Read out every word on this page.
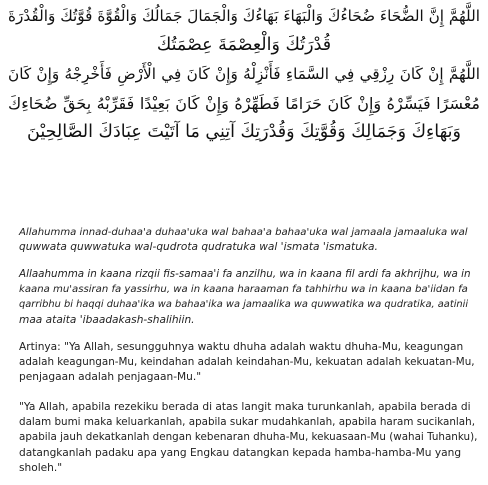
اللَّهُمَّ إِنَّ الضُّحَاءَ ضُحَاءُكَ وَالْبَهَاءَ بَهَاءُكَ وَالْجَمَالَ جَمَالُكَ وَالْقُوَّةَ قُوَّتُكَ وَالْقُدْرَةَ
قُدْرَتُكَ وَالْعِصْمَةَ عِصْمَتُكَ
اللَّهُمَّ إِنْ كَانَ رِزْقِي فِي السَّمَاءِ فَأَنْزِلْهُ وَإِنْ كَانَ فِي الْأَرْضِ فَأَخْرِجْهُ وَإِنْ كَانَ
مُعْسَرًا فَيَسِّرْهُ وَإِنْ كَانَ حَرَامًا فَطَهِّرْهُ وَإِنْ كَانَ بَعِيْدًا فَقَرِّبْهُ بِحَقِّ ضُحَاءِكَ
وَبَهَاءِكَ وَجَمَالِكَ وَقُوَّتِكَ وَقُدْرَتِكَ آتِنِي مَا آتَيْتَ عِبَادَكَ الصَّالِحِيْنَ
Allahumma innad-duhaa'a duhaa'uka wal bahaa'a bahaa'uka wal jamaala jamaaluka wal
quwwata quwwatuka wal-qudrota qudratuka wal 'ismata 'ismatuka.
Allaahumma in kaana rizqii fis-samaa'i fa anzilhu, wa in kaana fil ardi fa akhrijhu, wa in
kaana mu'assiran fa yassirhu, wa in kaana haraaman fa tahhirhu wa in kaana ba'iidan fa
qarribhu bi haqqi duhaa'ika wa bahaa'ika wa jamaalika wa quwwatika wa qudratika, aatinii
maa ataita 'ibaadakash-shalihiin.
Artinya: "Ya Allah, sesungguhnya waktu dhuha adalah waktu dhuha-Mu, keagungan
adalah keagungan-Mu, keindahan adalah keindahan-Mu, kekuatan adalah kekuatan-Mu,
penjagaan adalah penjagaan-Mu."
"Ya Allah, apabila rezekiku berada di atas langit maka turunkanlah, apabila berada di
dalam bumi maka keluarkanlah, apabila sukar mudahkanlah, apabila haram sucikanlah,
apabila jauh dekatkanlah dengan kebenaran dhuha-Mu, kekuasaan-Mu (wahai Tuhanku),
datangkanlah padaku apa yang Engkau datangkan kepada hamba-hamba-Mu yang
sholeh."
